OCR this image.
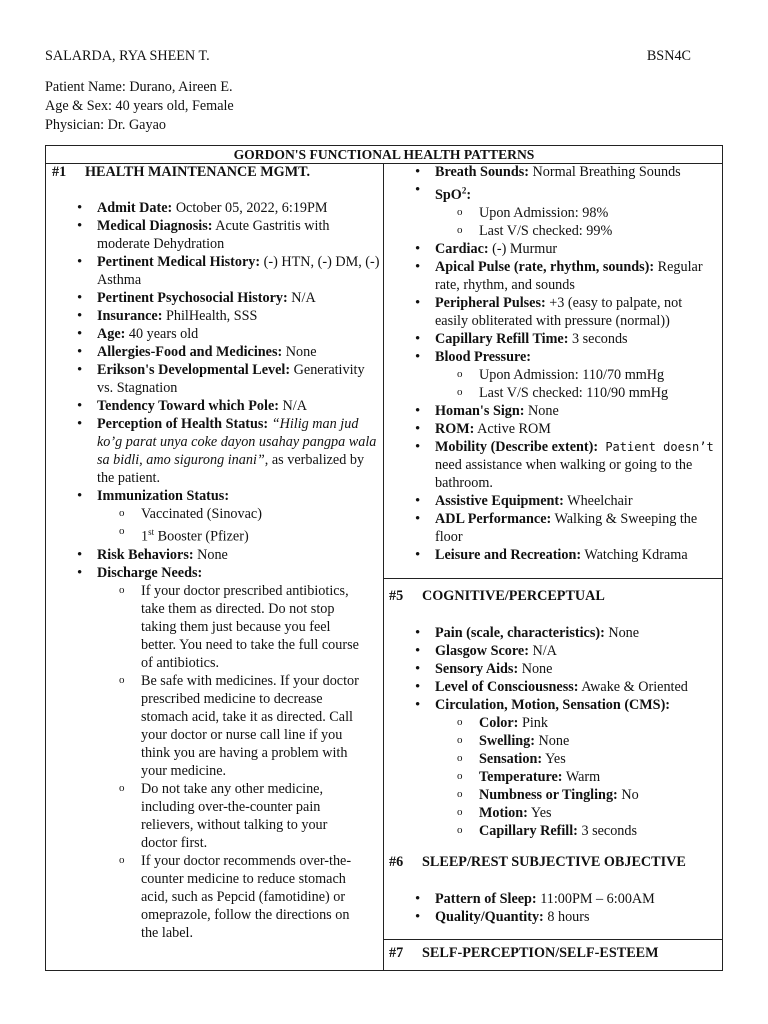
SALARDA, RYA SHEEN T.	BSN4C
Patient Name: Durano, Aireen E.
Age & Sex: 40 years old, Female
Physician: Dr. Gayao
GORDON'S FUNCTIONAL HEALTH PATTERNS
#1 HEALTH MAINTENANCE MGMT.
• Admit Date: October 05, 2022, 6:19PM
• Medical Diagnosis: Acute Gastritis with moderate Dehydration
• Pertinent Medical History: (-) HTN, (-) DM, (-) Asthma
• Pertinent Psychosocial History: N/A
• Insurance: PhilHealth, SSS
• Age: 40 years old
• Allergies-Food and Medicines: None
• Erikson's Developmental Level: Generativity vs. Stagnation
• Tendency Toward which Pole: N/A
• Perception of Health Status: “Hilig man jud ko’g parat unya coke dayon usahay pangpa wala sa bidli, amo sigurong inani”, as verbalized by the patient.
• Immunization Status:
o Vaccinated (Sinovac)
o 1st Booster (Pfizer)
• Risk Behaviors: None
• Discharge Needs:
o If your doctor prescribed antibiotics, take them as directed. Do not stop taking them just because you feel better. You need to take the full course of antibiotics.
o Be safe with medicines. If your doctor prescribed medicine to decrease stomach acid, take it as directed. Call your doctor or nurse call line if you think you are having a problem with your medicine.
o Do not take any other medicine, including over-the-counter pain relievers, without talking to your doctor first.
o If your doctor recommends over-the-counter medicine to reduce stomach acid, such as Pepcid (famotidine) or omeprazole, follow the directions on the label.
• Breath Sounds: Normal Breathing Sounds
• SpO$^2$:
o Upon Admission: 98%
o Last V/S checked: 99%
• Cardiac: (-) Murmur
• Apical Pulse (rate, rhythm, sounds): Regular rate, rhythm, and sounds
• Peripheral Pulses: +3 (easy to palpate, not easily obliterated with pressure (normal))
• Capillary Refill Time: 3 seconds
• Blood Pressure:
o Upon Admission: 110/70 mmHg
o Last V/S checked: 110/90 mmHg
• Homan's Sign: None
• ROM: Active ROM
• Mobility (Describe extent): Patient doesn’t need assistance when walking or going to the bathroom.
• Assistive Equipment: Wheelchair
• ADL Performance: Walking & Sweeping the floor
• Leisure and Recreation: Watching Kdrama
#5 COGNITIVE/PERCEPTUAL
• Pain (scale, characteristics): None
• Glasgow Score: N/A
• Sensory Aids: None
• Level of Consciousness: Awake & Oriented
• Circulation, Motion, Sensation (CMS):
o Color: Pink
o Swelling: None
o Sensation: Yes
o Temperature: Warm
o Numbness or Tingling: No
o Motion: Yes
o Capillary Refill: 3 seconds
#6 SLEEP/REST SUBJECTIVE OBJECTIVE
• Pattern of Sleep: 11:00PM – 6:00AM
• Quality/Quantity: 8 hours
#7 SELF-PERCEPTION/SELF-ESTEEM
